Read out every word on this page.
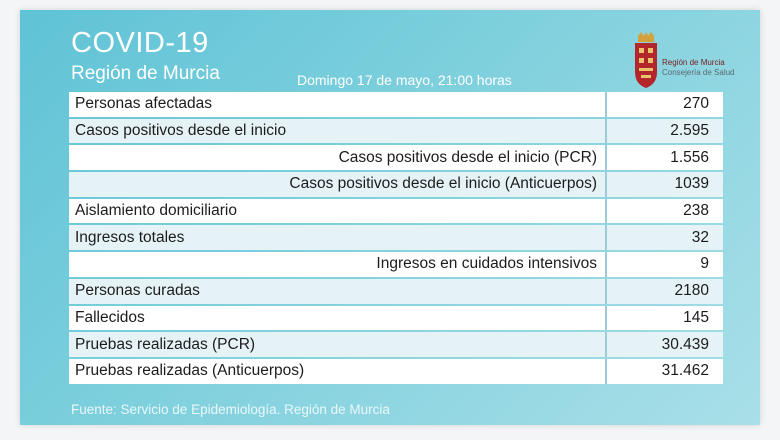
COVID-19
Región de Murcia	Domingo 17 de mayo, 21:00 horas
Región de Murcia
Consejería de Salud
Personas afectadas	270
Casos positivos desde el inicio	2.595
Casos positivos desde el inicio (PCR)	1.556
Casos positivos desde el inicio (Anticuerpos)	1039
Aislamiento domiciliario	238
Ingresos totales	32
Ingresos en cuidados intensivos	9
Personas curadas	2180
Fallecidos	145
Pruebas realizadas (PCR)	30.439
Pruebas realizadas (Anticuerpos)	31.462
Fuente: Servicio de Epidemiología. Región de Murcia
